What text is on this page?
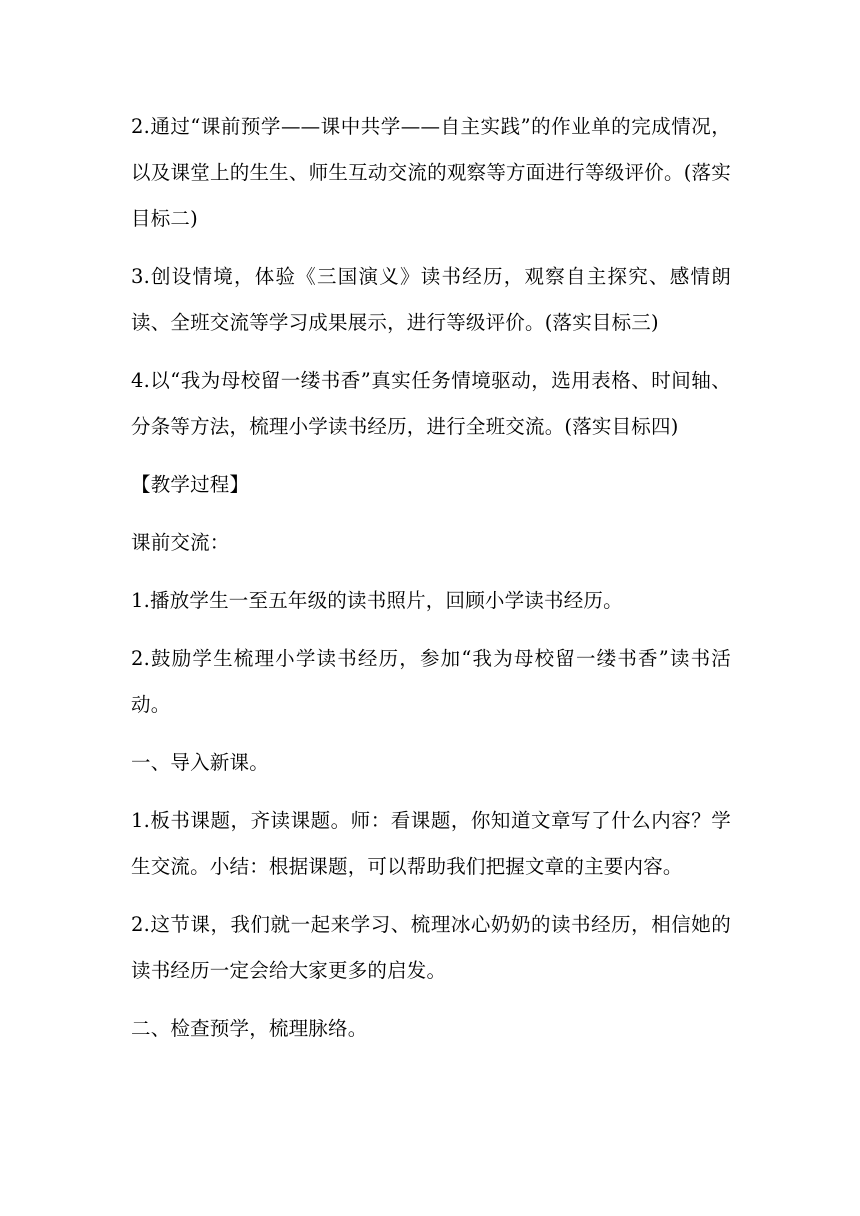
2.通过“课前预学——课中共学——自主实践”的作业单的完成情况，以及课堂上的生生、师生互动交流的观察等方面进行等级评价。(落实目标二)

3.创设情境，体验《三国演义》读书经历，观察自主探究、感情朗读、全班交流等学习成果展示，进行等级评价。(落实目标三)

4.以“我为母校留一缕书香”真实任务情境驱动，选用表格、时间轴、分条等方法，梳理小学读书经历，进行全班交流。(落实目标四)

【教学过程】

课前交流：

1.播放学生一至五年级的读书照片，回顾小学读书经历。

2.鼓励学生梳理小学读书经历，参加“我为母校留一缕书香”读书活动。

一、导入新课。

1.板书课题，齐读课题。师：看课题，你知道文章写了什么内容？学生交流。小结：根据课题，可以帮助我们把握文章的主要内容。

2.这节课，我们就一起来学习、梳理冰心奶奶的读书经历，相信她的读书经历一定会给大家更多的启发。

二、检查预学，梳理脉络。
